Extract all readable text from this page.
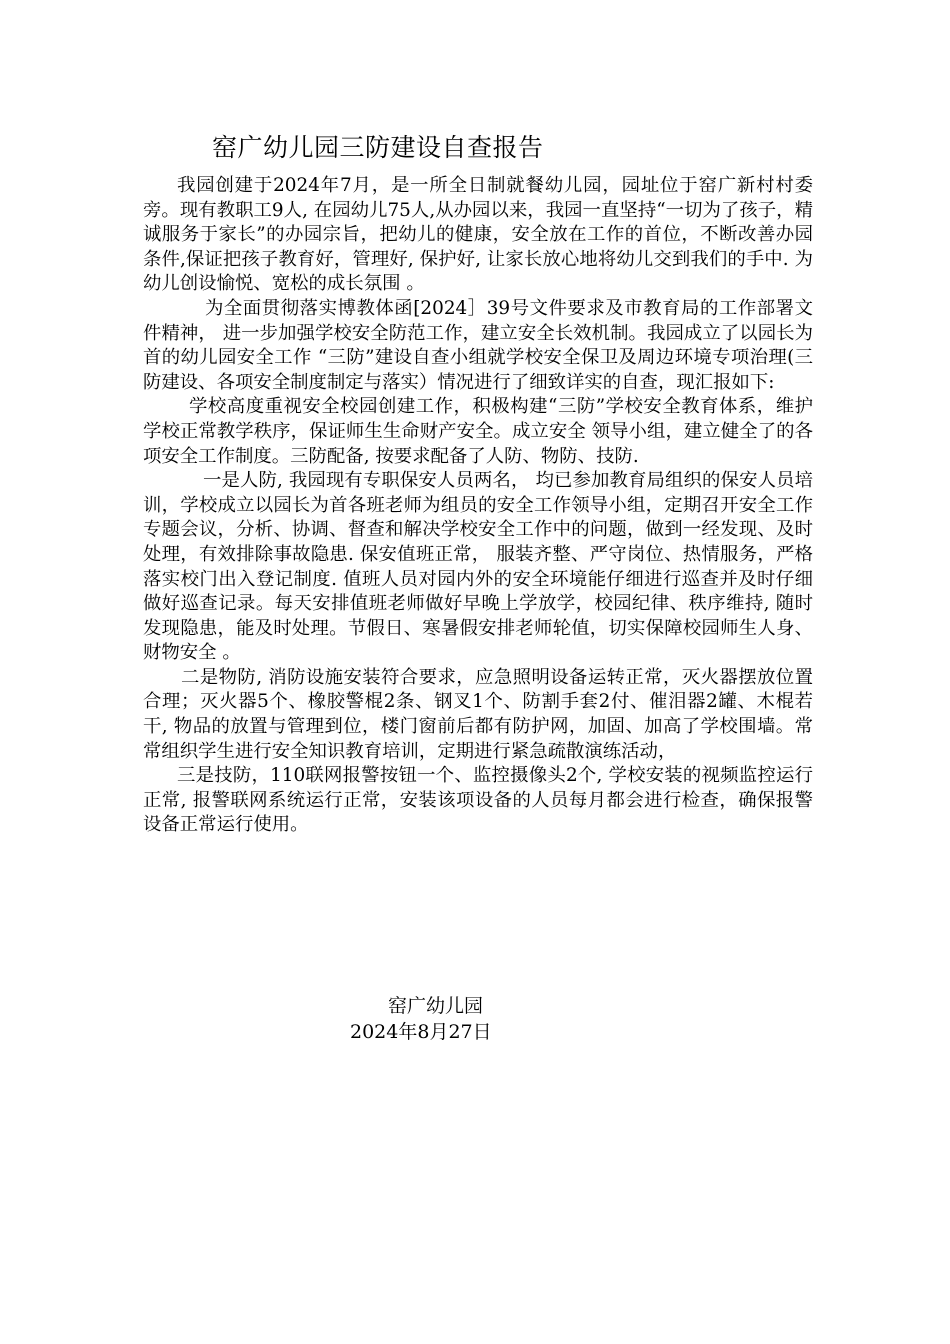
窑广幼儿园三防建设自查报告

我园创建于2024年7月，是一所全日制就餐幼儿园，园址位于窑广新村村委旁。现有教职工9人, 在园幼儿75人,从办园以来，我园一直坚持“一切为了孩子，精诚服务于家长”的办园宗旨，把幼儿的健康，安全放在工作的首位，不断改善办园条件,保证把孩子教育好，管理好, 保护好, 让家长放心地将幼儿交到我们的手中. 为幼儿创设愉悦、宽松的成长氛围 。

为全面贯彻落实博教体函[2024］39号文件要求及市教育局的工作部署文件精神， 进一步加强学校安全防范工作，建立安全长效机制。我园成立了以园长为首的幼儿园安全工作 “三防”建设自查小组就学校安全保卫及周边环境专项治理(三防建设、各项安全制度制定与落实）情况进行了细致详实的自查，现汇报如下:

学校高度重视安全校园创建工作，积极构建“三防”学校安全教育体系，维护学校正常教学秩序，保证师生生命财产安全。成立安全 领导小组，建立健全了的各项安全工作制度。三防配备, 按要求配备了人防、物防、技防.

一是人防, 我园现有专职保安人员两名， 均已参加教育局组织的保安人员培训，学校成立以园长为首各班老师为组员的安全工作领导小组，定期召开安全工作专题会议，分析、协调、督查和解决学校安全工作中的问题，做到一经发现、及时处理，有效排除事故隐患. 保安值班正常， 服装齐整、严守岗位、热情服务，严格落实校门出入登记制度. 值班人员对园内外的安全环境能仔细进行巡查并及时仔细做好巡查记录。每天安排值班老师做好早晚上学放学，校园纪律、秩序维持, 随时发现隐患，能及时处理。节假日、寒暑假安排老师轮值，切实保障校园师生人身、财物安全 。

二是物防, 消防设施安装符合要求，应急照明设备运转正常，灭火器摆放位置合理；灭火器5个、橡胶警棍2条、钢叉1个、防割手套2付、催泪器2罐、木棍若干, 物品的放置与管理到位，楼门窗前后都有防护网，加固、加高了学校围墙。常常组织学生进行安全知识教育培训，定期进行紧急疏散演练活动，

三是技防，110联网报警按钮一个、监控摄像头2个, 学校安装的视频监控运行正常, 报警联网系统运行正常，安装该项设备的人员每月都会进行检查，确保报警设备正常运行使用。

窑广幼儿园
2024年8月27日
